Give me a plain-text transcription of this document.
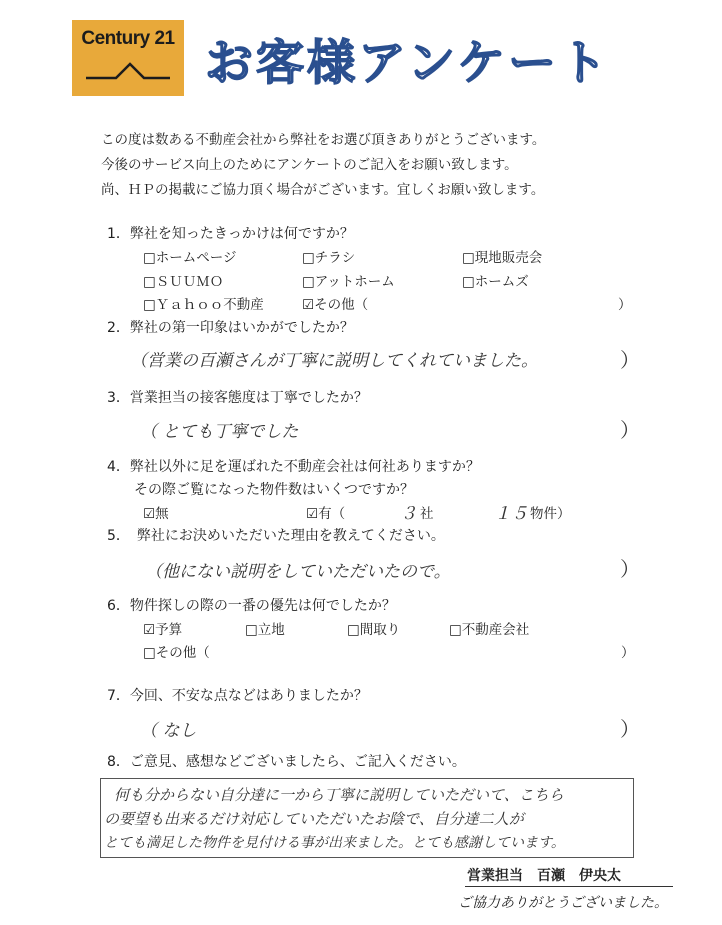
Century 21 お客様アンケート
この度は数ある不動産会社から弊社をお選び頂きありがとうございます。
今後のサービス向上のためにアンケートのご記入をお願い致します。
尚、ＨＰの掲載にご協力頂く場合がございます。宜しくお願い致します。
1．弊社を知ったきっかけは何ですか？
□ホームページ	□チラシ	□現地販売会
□ＳＵＵＭＯ	□アットホーム	□ホームズ
□Ｙａｈｏｏ不動産	☑その他（	）
2．弊社の第一印象はいかがでしたか？
（営業の百瀬さんが丁寧に説明してくれていました。	）
3．営業担当の接客態度は丁寧でしたか？
（ とても丁寧でした	）
4．弊社以外に足を運ばれた不動産会社は何社ありますか？
その際ご覧になった物件数はいくつですか？
☑無	☑有（	３ 社	１５ 物件）
5．　弊社にお決めいただいた理由を教えてください。
（他にない説明をしていただいたので。	）
6．物件探しの際の一番の優先は何でしたか？
☑予算	□立地	□間取り	□不動産会社
□その他（	）
7．今回、不安な点などはありましたか？
（ なし	）
8．ご意見、感想などございましたら、ご記入ください。
何も分からない自分達に一から丁寧に説明していただいて、こちら
の要望も出来るだけ対応していただいたお陰で、自分達二人が
とても満足した物件を見付ける事が出来ました。とても感謝しています。
営業担当　百瀬　伊央太
ご協力ありがとうございました。
